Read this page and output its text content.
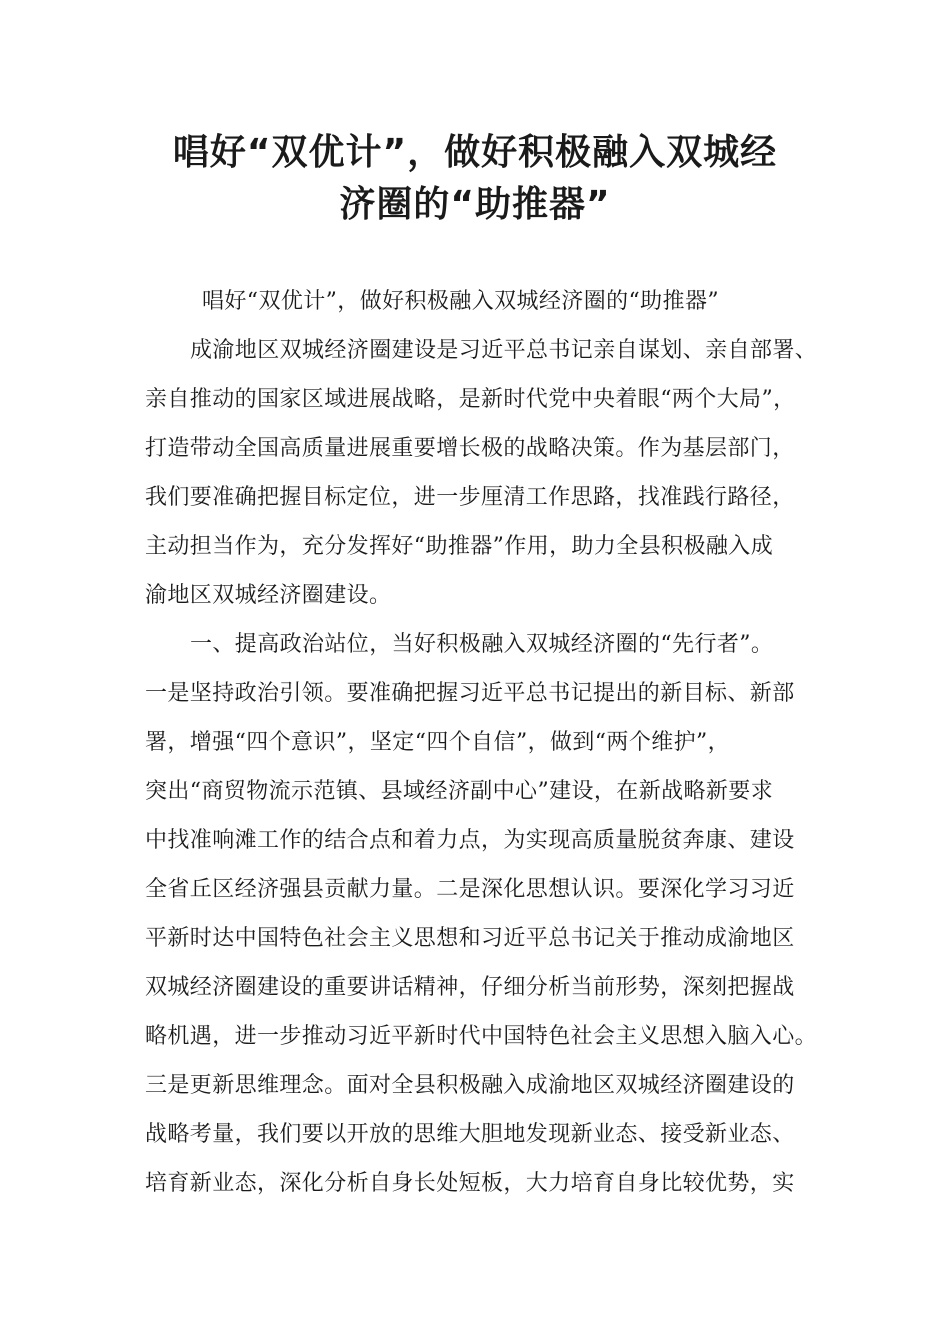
唱好“双优计”，做好积极融入双城经
济圈的“助推器”
唱好“双优计”，做好积极融入双城经济圈的“助推器”
成渝地区双城经济圈建设是习近平总书记亲自谋划、亲自部署、
亲自推动的国家区域进展战略，是新时代党中央着眼“两个大局”，
打造带动全国高质量进展重要增长极的战略决策。作为基层部门，
我们要准确把握目标定位，进一步厘清工作思路，找准践行路径，
主动担当作为，充分发挥好“助推器”作用，助力全县积极融入成
渝地区双城经济圈建设。
一、提高政治站位，当好积极融入双城经济圈的“先行者”。
一是坚持政治引领。要准确把握习近平总书记提出的新目标、新部
署，增强“四个意识”，坚定“四个自信”，做到“两个维护”，
突出“商贸物流示范镇、县域经济副中心”建设，在新战略新要求
中找准响滩工作的结合点和着力点，为实现高质量脱贫奔康、建设
全省丘区经济强县贡献力量。二是深化思想认识。要深化学习习近
平新时达中国特色社会主义思想和习近平总书记关于推动成渝地区
双城经济圈建设的重要讲话精神，仔细分析当前形势，深刻把握战
略机遇，进一步推动习近平新时代中国特色社会主义思想入脑入心。
三是更新思维理念。面对全县积极融入成渝地区双城经济圈建设的
战略考量，我们要以开放的思维大胆地发现新业态、接受新业态、
培育新业态，深化分析自身长处短板，大力培育自身比较优势，实
